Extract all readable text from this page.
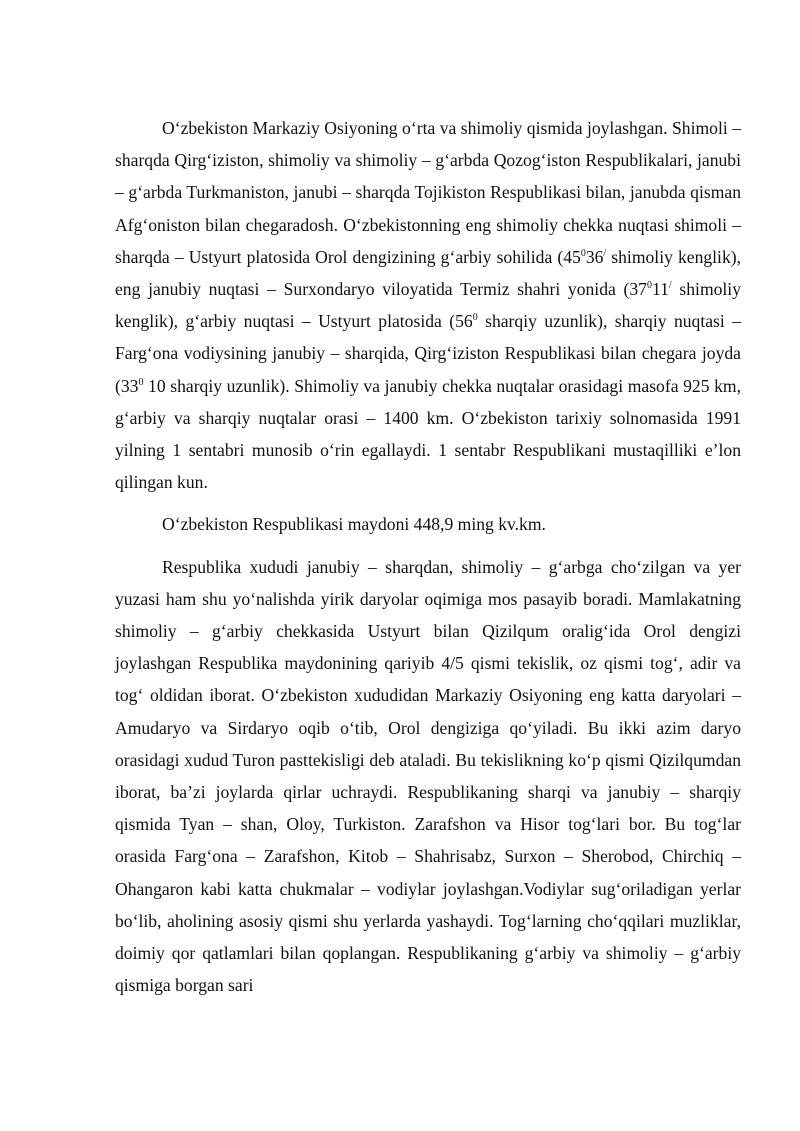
O‘zbekiston Markaziy Osiyoning o‘rta va shimoliy qismida joylashgan. Shimoli – sharqda Qirg‘iziston, shimoliy va shimoliy – g‘arbda Qozog‘iston Respublikalari, janubi – g‘arbda Turkmaniston, janubi – sharqda Tojikiston Respublikasi bilan, janubda qisman Afg‘oniston bilan chegaradosh. O‘zbekistonning eng shimoliy chekka nuqtasi shimoli – sharqda – Ustyurt platosida Orol dengizining g‘arbiy sohilida ($45^036^/$ shimoliy kenglik), eng janubiy nuqtasi – Surxondaryo viloyatida Termiz shahri yonida ($37^011^/$ shimoliy kenglik), g‘arbiy nuqtasi – Ustyurt platosida ($56^0$ sharqiy uzunlik), sharqiy nuqtasi – Farg‘ona vodiysining janubiy – sharqida, Qirg‘iziston Respublikasi bilan chegara joyda ($33^0$ 10 sharqiy uzunlik). Shimoliy va janubiy chekka nuqtalar orasidagi masofa 925 km, g‘arbiy va sharqiy nuqtalar orasi – 1400 km. O‘zbekiston tarixiy solnomasida 1991 yilning 1 sentabri munosib o‘rin egallaydi. 1 sentabr Respublikani mustaqilliki e’lon qilingan kun.

O‘zbekiston Respublikasi maydoni 448,9 ming kv.km.

Respublika xududi janubiy – sharqdan, shimoliy – g‘arbga cho‘zilgan va yer yuzasi ham shu yo‘nalishda yirik daryolar oqimiga mos pasayib boradi. Mamlakatning shimoliy – g‘arbiy chekkasida Ustyurt bilan Qizilqum oralig‘ida Orol dengizi joylashgan Respublika maydonining qariyib 4/5 qismi tekislik, oz qismi tog‘, adir va tog‘ oldidan iborat. O‘zbekiston xududidan Markaziy Osiyoning eng katta daryolari – Amudaryo va Sirdaryo oqib o‘tib, Orol dengiziga qo‘yiladi. Bu ikki azim daryo orasidagi xudud Turon pasttekisligi deb ataladi. Bu tekislikning ko‘p qismi Qizilqumdan iborat, ba’zi joylarda qirlar uchraydi. Respublikaning sharqi va janubiy – sharqiy qismida Tyan – shan, Oloy, Turkiston. Zarafshon va Hisor tog‘lari bor. Bu tog‘lar orasida Farg‘ona – Zarafshon, Kitob – Shahrisabz, Surxon – Sherobod, Chirchiq – Ohangaron kabi katta chukmalar – vodiylar joylashgan.Vodiylar sug‘oriladigan yerlar bo‘lib, aholining asosiy qismi shu yerlarda yashaydi. Tog‘larning cho‘qqilari muzliklar, doimiy qor qatlamlari bilan qoplangan. Respublikaning g‘arbiy va shimoliy – g‘arbiy qismiga borgan sari
